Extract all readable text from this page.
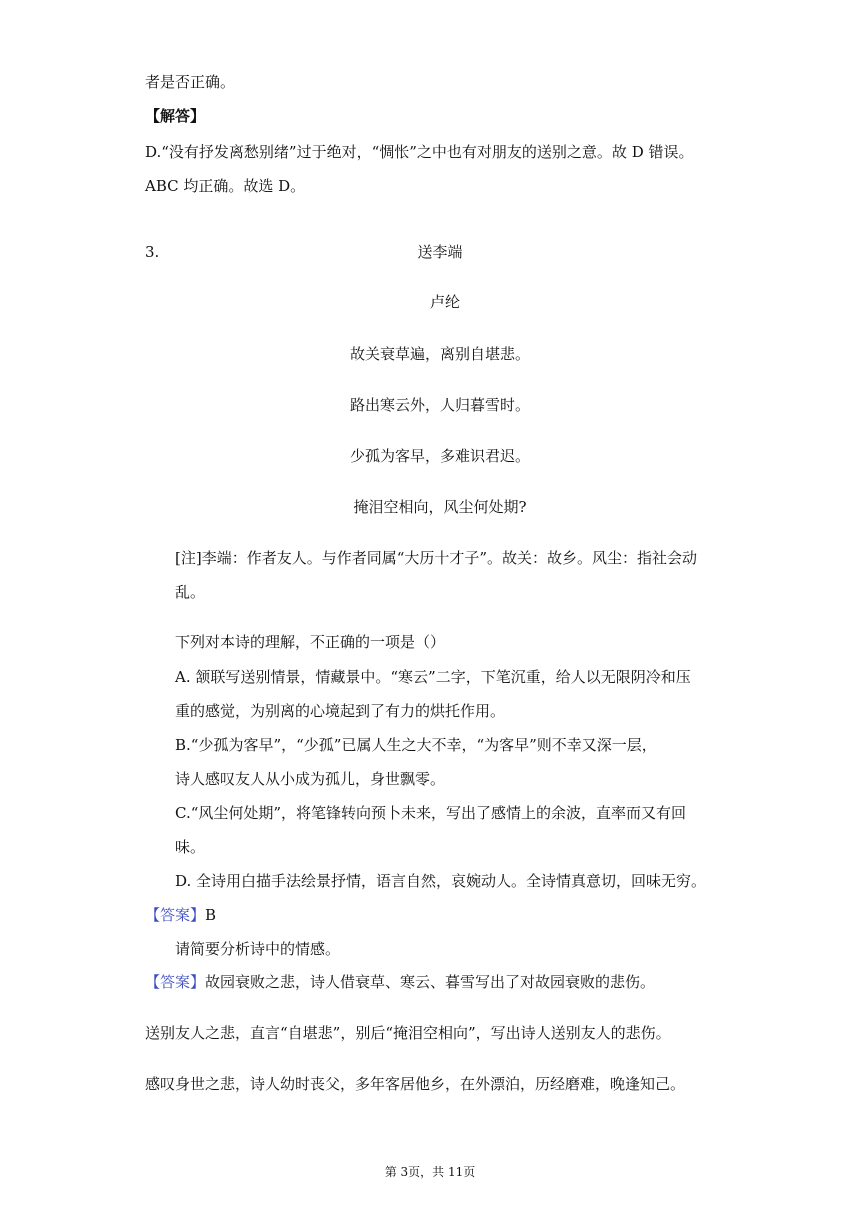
者是否正确。
【解答】
D.“没有抒发离愁别绪”过于绝对，“惆怅”之中也有对朋友的送别之意。故 D 错误。
ABC 均正确。故选 D。
3.	送李端
卢纶
故关衰草遍，离别自堪悲。
路出寒云外，人归暮雪时。
少孤为客早，多难识君迟。
掩泪空相向，风尘何处期?
[注]李端：作者友人。与作者同属“大历十才子”。故关：故乡。风尘：指社会动
乱。
下列对本诗的理解，不正确的一项是（）
A. 颔联写送别情景，情藏景中。“寒云”二字，下笔沉重，给人以无限阴冷和压
重的感觉，为别离的心境起到了有力的烘托作用。
B.“少孤为客早”，“少孤”已属人生之大不幸，“为客早”则不幸又深一层，
诗人感叹友人从小成为孤儿，身世飘零。
C.“风尘何处期”，将笔锋转向预卜未来，写出了感情上的余波，直率而又有回
味。
D. 全诗用白描手法绘景抒情，语言自然，哀婉动人。全诗情真意切，回味无穷。
【答案】B
请简要分析诗中的情感。
【答案】故园衰败之悲，诗人借衰草、寒云、暮雪写出了对故园衰败的悲伤。
送别友人之悲，直言“自堪悲”，别后“掩泪空相向”，写出诗人送别友人的悲伤。
感叹身世之悲，诗人幼时丧父，多年客居他乡，在外漂泊，历经磨难，晚逢知己。
第 3页，共 11页
